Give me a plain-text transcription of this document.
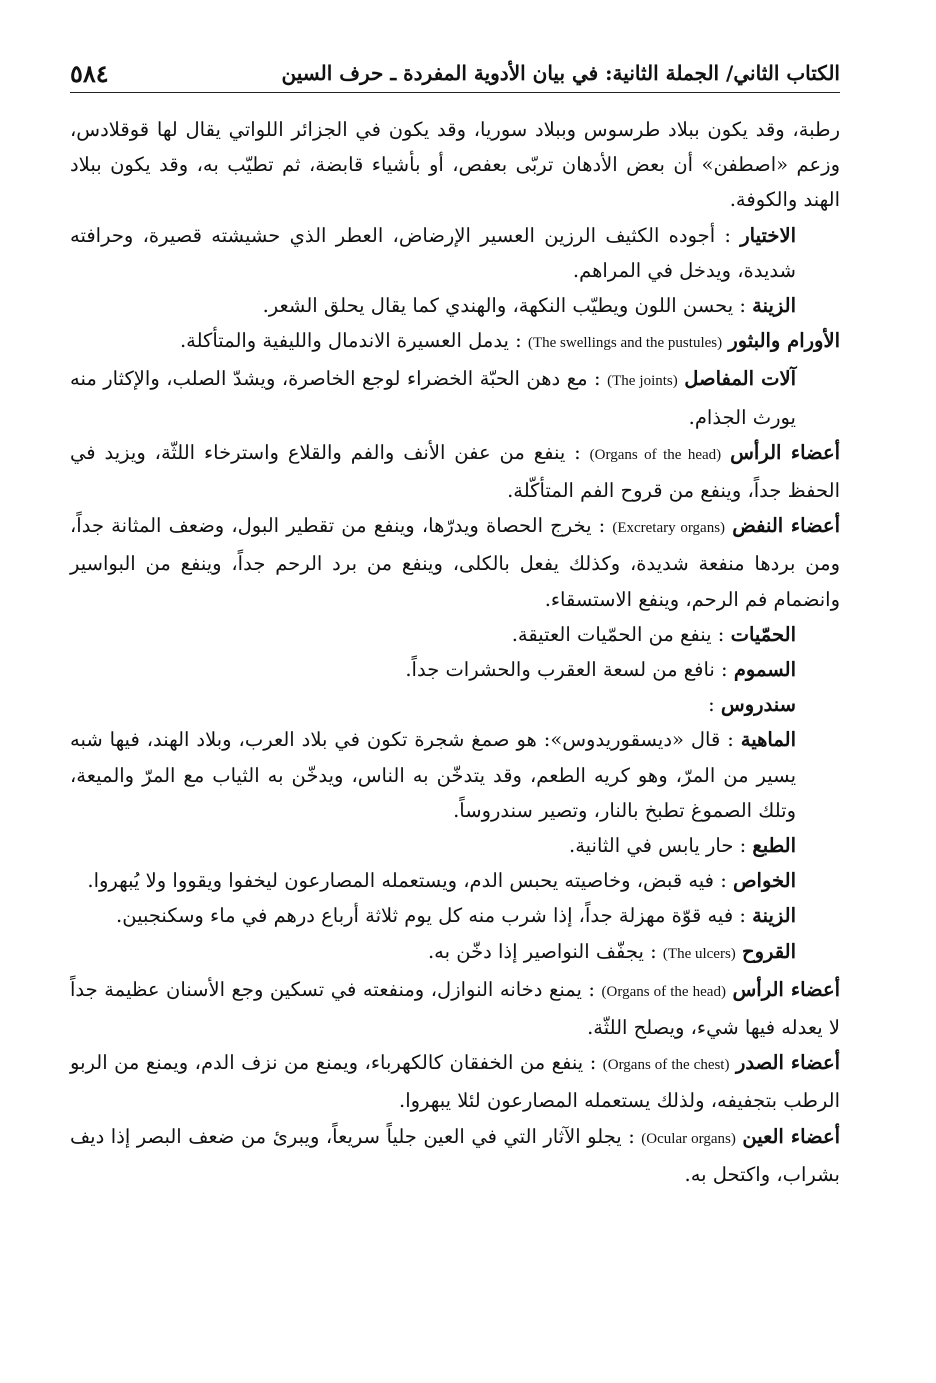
الكتاب الثاني/ الجملة الثانية: في بيان الأدوية المفردة ـ حرف السين
٥٨٤

رطبة، وقد يكون ببلاد طرسوس وببلاد سوريا، وقد يكون في الجزائر اللواتي يقال لها قوقلادس، وزعم «اصطفن» أن بعض الأدهان تربّى بعفص، أو بأشياء قابضة، ثم تطيّب به، وقد يكون ببلاد الهند والكوفة.

الاختيار : أجوده الكثيف الرزين العسير الإرضاض، العطر الذي حشيشته قصيرة، وحرافته شديدة، ويدخل في المراهم.

الزينة : يحسن اللون ويطيّب النكهة، والهندي كما يقال يحلق الشعر.

الأورام والبثور (The swellings and the pustules) : يدمل العسيرة الاندمال والليفية والمتأكلة.

آلات المفاصل (The joints) : مع دهن الحبّة الخضراء لوجع الخاصرة، ويشدّ الصلب، والإكثار منه يورث الجذام.

أعضاء الرأس (Organs of the head) : ينفع من عفن الأنف والفم والقلاع واسترخاء اللثّة، ويزيد في الحفظ جداً، وينفع من قروح الفم المتأكّلة.

أعضاء النفض (Excretary organs) : يخرج الحصاة ويدرّها، وينفع من تقطير البول، وضعف المثانة جداً، ومن بردها منفعة شديدة، وكذلك يفعل بالكلى، وينفع من برد الرحم جداً، وينفع من البواسير وانضمام فم الرحم، وينفع الاستسقاء.

الحمّيات : ينفع من الحمّيات العتيقة.

السموم : نافع من لسعة العقرب والحشرات جداً.

سندروس :

الماهية : قال «ديسقوريدوس»: هو صمغ شجرة تكون في بلاد العرب، وبلاد الهند، فيها شبه يسير من المرّ، وهو كريه الطعم، وقد يتدخّن به الناس، ويدخّن به الثياب مع المرّ والميعة، وتلك الصموغ تطبخ بالنار، وتصير سندروساً.

الطبع : حار يابس في الثانية.

الخواص : فيه قبض، وخاصيته يحبس الدم، ويستعمله المصارعون ليخفوا ويقووا ولا يُبهروا.

الزينة : فيه قوّة مهزلة جداً، إذا شرب منه كل يوم ثلاثة أرباع درهم في ماء وسكنجبين.

القروح (The ulcers) : يجفّف النواصير إذا دخّن به.

أعضاء الرأس (Organs of the head) : يمنع دخانه النوازل، ومنفعته في تسكين وجع الأسنان عظيمة جداً لا يعدله فيها شيء، ويصلح اللثّة.

أعضاء الصدر (Organs of the chest) : ينفع من الخفقان كالكهرباء، ويمنع من نزف الدم، ويمنع من الربو الرطب بتجفيفه، ولذلك يستعمله المصارعون لئلا يبهروا.

أعضاء العين (Ocular organs) : يجلو الآثار التي في العين جلياً سريعاً، ويبرئ من ضعف البصر إذا ديف بشراب، واكتحل به.
